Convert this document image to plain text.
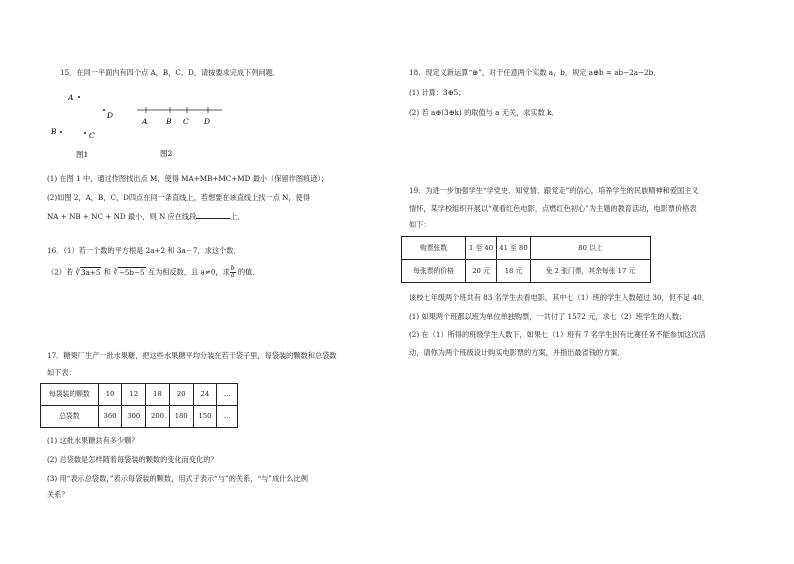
15．在同一平面内有四个点 A，B，C，D，请按要求完成下列问题．
A
D
B	C
图1
A B C D
图2
(1) 在图 1 中，通过作图找出点 M，使得 MA+MB+MC+MD 最小（保留作图痕迹）；
(2)如图 2，A，B，C，D四点在同一条直线上，若想要在该直线上找一点 N，使得
NA + NB + NC + ND 最小，则 N 应在线段	上．
16．（1）若一个数的平方根是 2a+2 和 3a－7，求这个数．
（2）若 ∛3a+5 和 ∛−5b−5 互为相反数，且 a≠0，求 $\frac{b}{a}$ 的值．
17．糖果厂生产一批水果糖，把这些水果糖平均分装在若干袋子里，每袋装的颗数和总袋数
如下表：
每袋装的颗数	10	12	18	20	24	…
总袋数	360	300	200	180	150	…
(1) 这批水果糖共有多少颗？
(2) 总袋数是怎样随着每袋装的颗数的变化而变化的？
(3) 用“表示总袋数，”表示每袋装的颗数，用式子表示“与”的关系，“与”成什么比例
关系？
18．现定义新运算“⊕”，对于任意两个实数 a，b，规定 a⊕b = ab−2a−2b．
(1) 计算：3⊕5；
(2) 若 a⊕(3⊕k) 的取值与 a 无关，求实数 k．
19．为进一步加强学生“学党史、知党情、跟党走”的信心，培养学生的民族精神和爱国主义
情怀，某学校组织开展以“观看红色电影，点燃红色初心”为主题的教育活动，电影票价格表
如下：
购票张数	1 至 40	41 至 80	80 以上
每张票的价格	20 元	18 元	免 2 张门票，其余每张 17 元
该校七年级两个班共有 83 名学生去看电影，其中七（1）班的学生人数超过 30，但不足 40．
(1) 如果两个班都以班为单位单独购票，一共付了 1572 元，求七（2）班学生的人数；
(2) 在（1）所得的班级学生人数下，如果七（1）班有 7 名学生因有比赛任务不能参加这次活
动，请你为两个班级设计购买电影票的方案，并指出最省钱的方案．
